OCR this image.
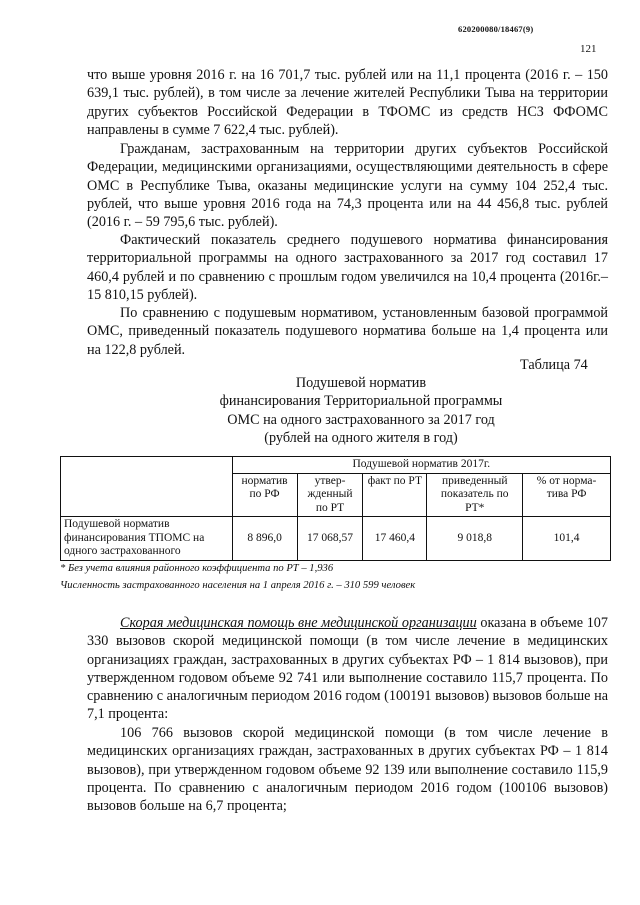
620200080/18467(9)
121

что выше уровня 2016 г. на 16 701,7 тыс. рублей или на 11,1 процента (2016 г. – 150 639,1 тыс. рублей), в том числе за лечение жителей Республики Тыва на территории других субъектов Российской Федерации в ТФОМС из средств НСЗ ФФОМС направлены в сумме 7 622,4 тыс. рублей).

Гражданам, застрахованным на территории других субъектов Российской Федерации, медицинскими организациями, осуществляющими деятельность в сфере ОМС в Республике Тыва, оказаны медицинские услуги на сумму 104 252,4 тыс. рублей, что выше уровня 2016 года на 74,3 процента или на 44 456,8 тыс. рублей (2016 г. – 59 795,6 тыс. рублей).

Фактический показатель среднего подушевого норматива финансирования территориальной программы на одного застрахованного за 2017 год составил 17 460,4 рублей и по сравнению с прошлым годом увеличился на 10,4 процента (2016г.– 15 810,15 рублей).

По сравнению с подушевым нормативом, установленным базовой программой ОМС, приведенный показатель подушевого норматива больше на 1,4 процента или на 122,8 рублей.

Таблица 74
Подушевой норматив
финансирования Территориальной программы
ОМС на одного застрахованного за 2017 год
(рублей на одного жителя в год)
	Подушевой норматив 2017г.				
	норматив по РФ	утвер-жденный по РТ	факт по РТ	приведенный показатель по РТ*	% от норма-тива РФ
Подушевой норматив финансирования ТПОМС на одного застрахованного	8 896,0	17 068,57	17 460,4	9 018,8	101,4

* Без учета влияния районного коэффициента по РТ – 1,936

Численность застрахованного населения на 1 апреля 2016 г. – 310 599 человек

Скорая медицинская помощь вне медицинской организации оказана в объеме 107 330 вызовов скорой медицинской помощи (в том числе лечение в медицинских организациях граждан, застрахованных в других субъектах РФ – 1 814 вызовов), при утвержденном годовом объеме 92 741 или выполнение составило 115,7 процента. По сравнению с аналогичным периодом 2016 годом (100191 вызовов) вызовов больше на 7,1 процента:

106 766 вызовов скорой медицинской помощи (в том числе лечение в медицинских организациях граждан, застрахованных в других субъектах РФ – 1 814 вызовов), при утвержденном годовом объеме 92 139 или выполнение составило 115,9 процента. По сравнению с аналогичным периодом 2016 годом (100106 вызовов) вызовов больше на 6,7 процента;
